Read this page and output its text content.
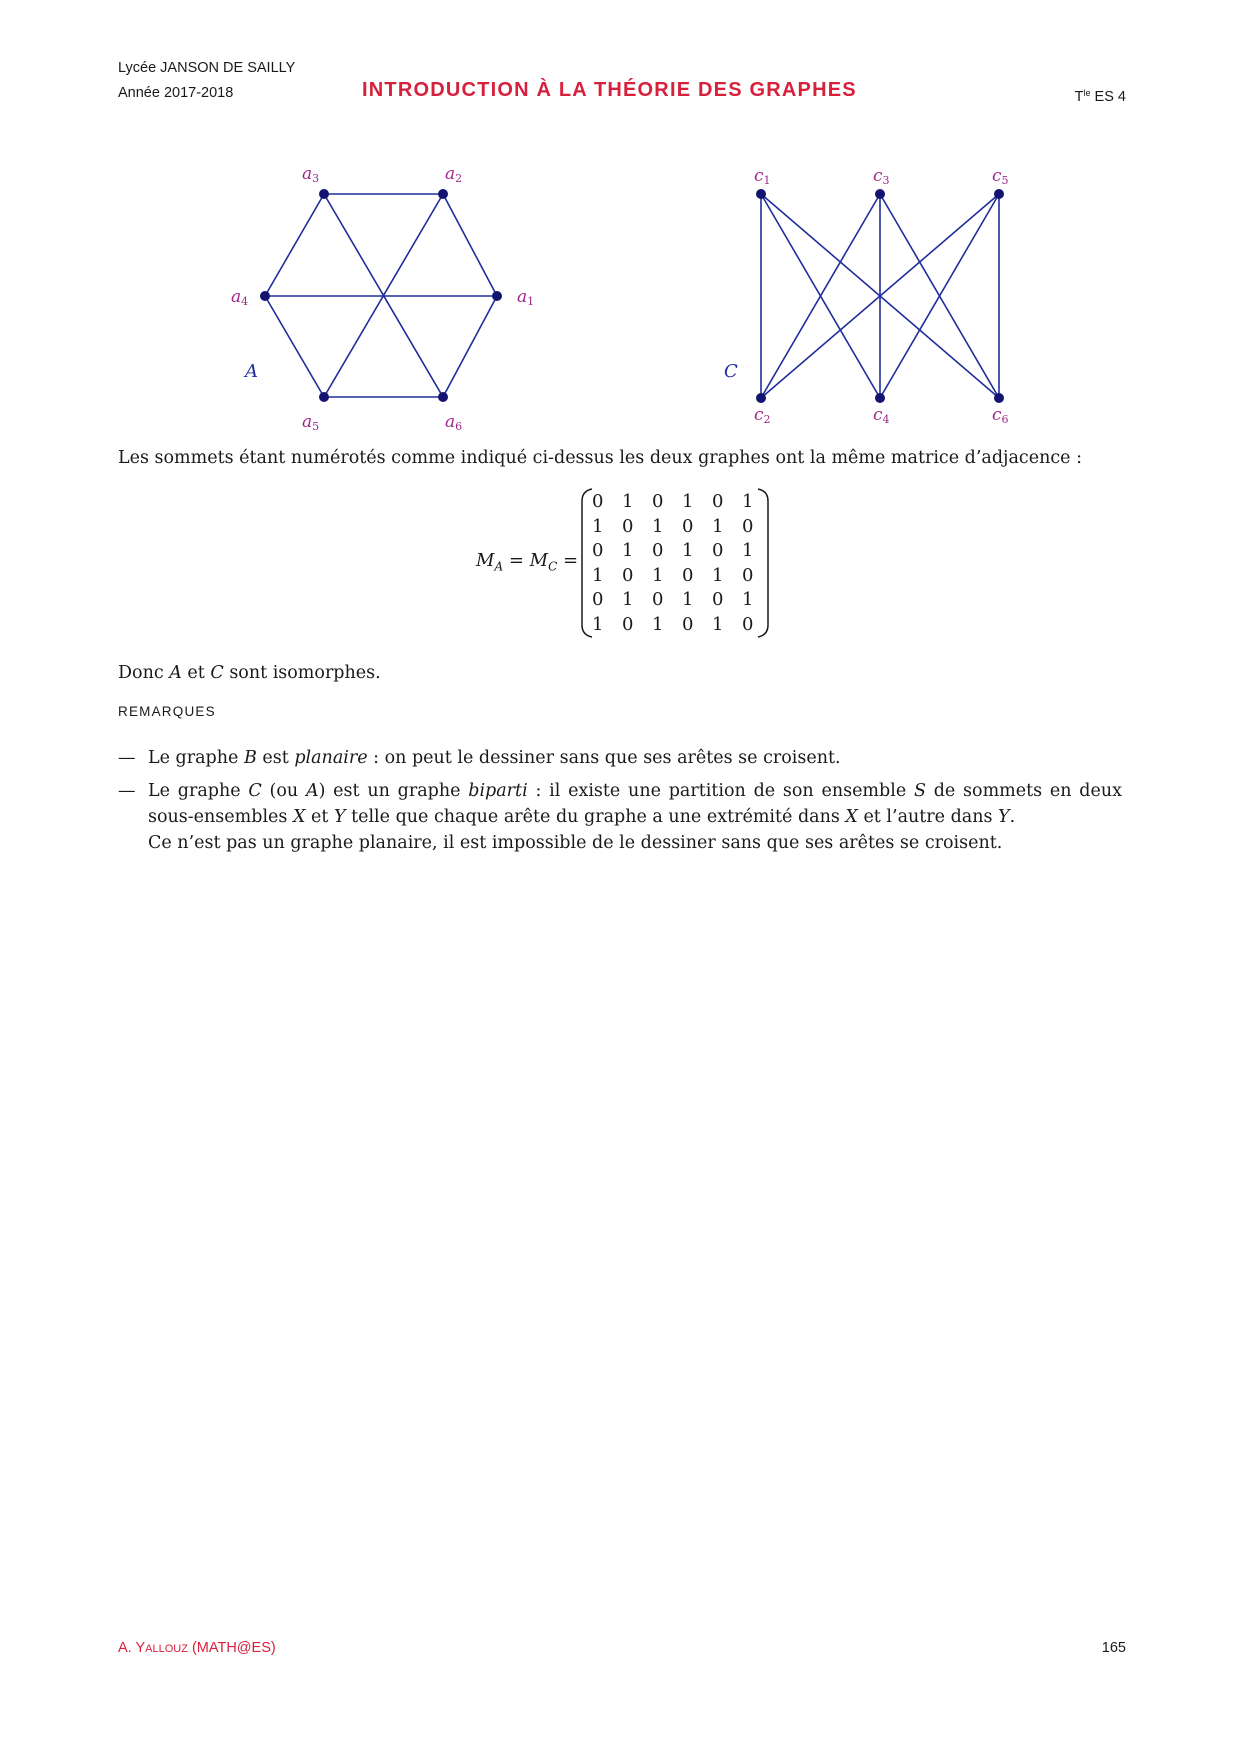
Lycée JANSON DE SAILLY
Année 2017-2018	INTRODUCTION À LA THÉORIE DES GRAPHES	$T^{le}$ ES 4
a1
a2
a3
a4
a5	a6
A
c1	c3	c5
c2	c4	c6
C
Les sommets étant numérotés comme indiqué ci-dessus les deux graphes ont la même matrice d’adjacence :
$M_A = M_C$ =
0	1	0	1	0	1
1	0	1	0	1	0
0	1	0	1	0	1
1	0	1	0	1	0
0	1	0	1	0	1
1	0	1	0	1	0
Donc A et C sont isomorphes.
REMARQUES
— Le graphe B est planaire : on peut le dessiner sans que ses arêtes se croisent.
— Le graphe C (ou A) est un graphe biparti : il existe une partition de son ensemble S de sommets en deux sous-ensembles X et Y telle que chaque arête du graphe a une extrémité dans X et l’autre dans Y.
Ce n’est pas un graphe planaire, il est impossible de le dessiner sans que ses arêtes se croisent.
A. YALLOUZ (MATH@ES)	165
